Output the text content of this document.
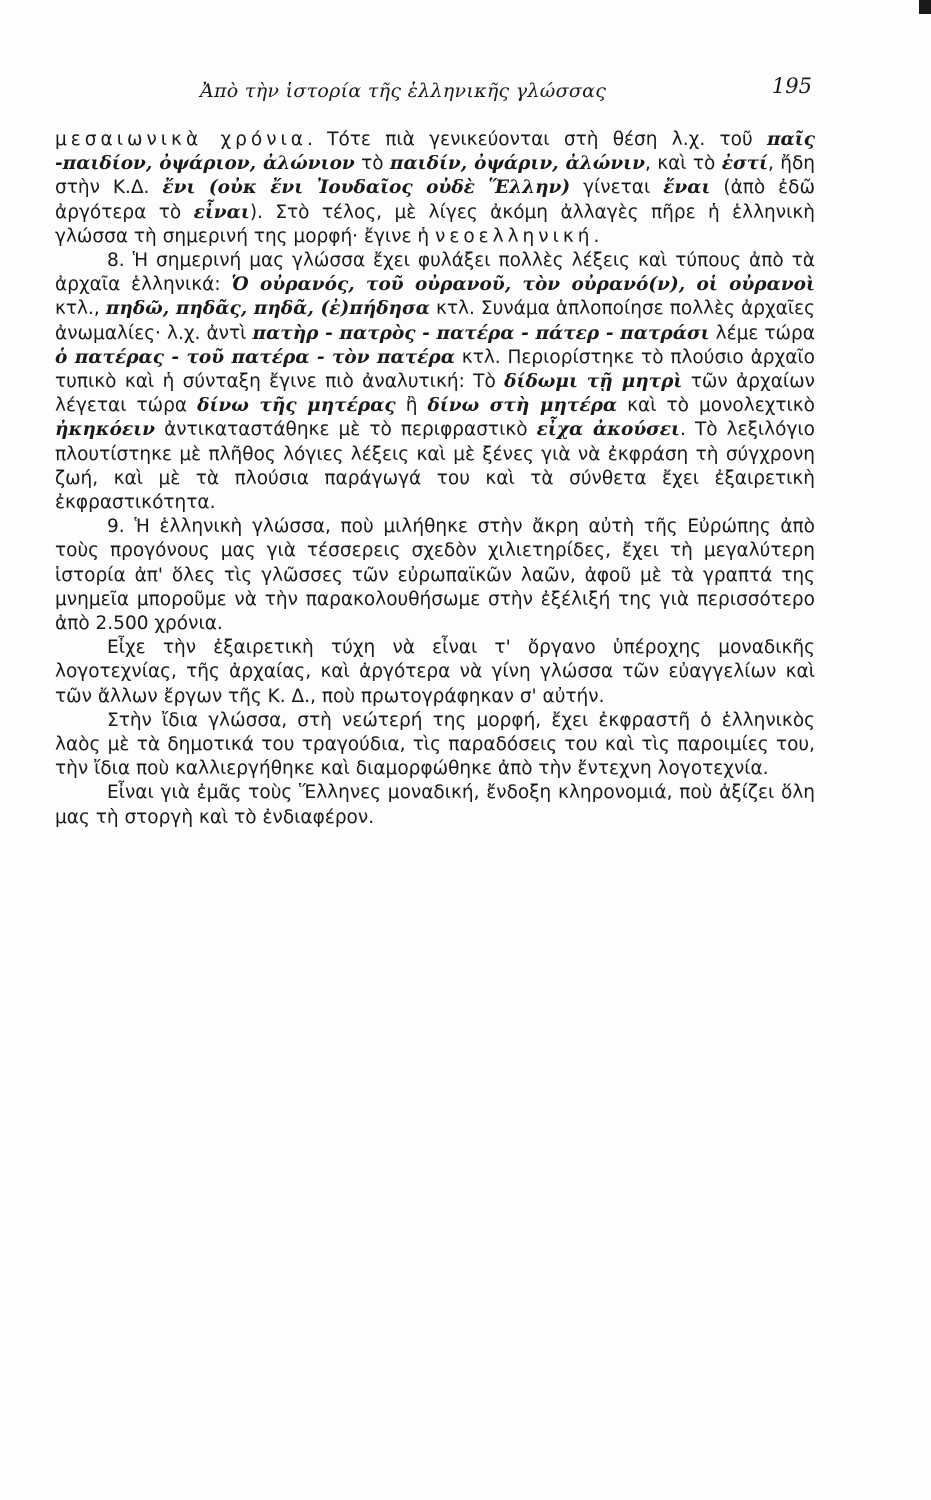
Ἀπὸ τὴν ἱστορία τῆς ἑλληνικῆς γλώσσας	195

μεσαιωνικὰ χρόνια. Τότε πιὰ γενικεύονται στὴ θέση λ.χ. τοῦ παῖς -παιδίον, ὀψάριον, ἀλώνιον τὸ παιδίν, ὀψάριν, ἀλώνιν, καὶ τὸ ἐστί, ἤδη στὴν Κ.Δ. ἔνι (οὐκ ἔνι Ἰουδαῖος οὐδὲ Ἕλλην) γίνεται ἔναι (ἀπὸ ἐδῶ ἀργότερα τὸ εἶναι). Στὸ τέλος, μὲ λίγες ἀκόμη ἀλλαγὲς πῆρε ἡ ἑλληνικὴ γλώσσα τὴ σημερινή της μορφή· ἔγινε ἡ νεοελληνική.

8. Ἡ σημερινή μας γλώσσα ἔχει φυλάξει πολλὲς λέξεις καὶ τύπους ἀπὸ τὰ ἀρχαῖα ἑλληνικά: Ὁ οὐρανός, τοῦ οὐρανοῦ, τὸν οὐρανό(ν), οἱ οὐρανοὶ κτλ., πηδῶ, πηδᾶς, πηδᾶ, (ἐ)πήδησα κτλ. Συνάμα ἁπλοποίησε πολλὲς ἀρχαῖες ἀνωμαλίες· λ.χ. ἀντὶ πατὴρ - πατρὸς - πατέρα - πάτερ - πατράσι λέμε τώρα ὁ πατέρας - τοῦ πατέρα - τὸν πατέρα κτλ. Περιορίστηκε τὸ πλούσιο ἀρχαῖο τυπικὸ καὶ ἡ σύνταξη ἔγινε πιὸ ἀναλυτική: Τὸ δίδωμι τῇ μητρὶ τῶν ἀρχαίων λέγεται τώρα δίνω τῆς μητέρας ἢ δίνω στὴ μητέρα καὶ τὸ μονολεχτικὸ ἠκηκόειν ἀντικαταστάθηκε μὲ τὸ περιφραστικὸ εἶχα ἀκούσει. Τὸ λεξιλόγιο πλουτίστηκε μὲ πλῆθος λόγιες λέξεις καὶ μὲ ξένες γιὰ νὰ ἐκφράση τὴ σύγχρονη ζωή, καὶ μὲ τὰ πλούσια παράγωγά του καὶ τὰ σύνθετα ἔχει ἐξαιρετικὴ ἐκφραστικότητα.

9. Ἡ ἑλληνικὴ γλώσσα, ποὺ μιλήθηκε στὴν ἄκρη αὐτὴ τῆς Εὐρώπης ἀπὸ τοὺς προγόνους μας γιὰ τέσσερεις σχεδὸν χιλιετηρίδες, ἔχει τὴ μεγαλύτερη ἱστορία ἀπ' ὅλες τὶς γλῶσσες τῶν εὐρωπαϊκῶν λαῶν, ἀφοῦ μὲ τὰ γραπτά της μνημεῖα μποροῦμε νὰ τὴν παρακολουθήσωμε στὴν ἐξέλιξή της γιὰ περισσότερο ἀπὸ 2.500 χρόνια.

Εἶχε τὴν ἐξαιρετικὴ τύχη νὰ εἶναι τ' ὄργανο ὑπέροχης μοναδικῆς λογοτεχνίας, τῆς ἀρχαίας, καὶ ἀργότερα νὰ γίνη γλώσσα τῶν εὐαγγελίων καὶ τῶν ἄλλων ἔργων τῆς Κ. Δ., ποὺ πρωτογράφηκαν σ' αὐτήν.

Στὴν ἴδια γλώσσα, στὴ νεώτερή της μορφή, ἔχει ἐκφραστῆ ὁ ἑλληνικὸς λαὸς μὲ τὰ δημοτικά του τραγούδια, τὶς παραδόσεις του καὶ τὶς παροιμίες του, τὴν ἴδια ποὺ καλλιεργήθηκε καὶ διαμορφώθηκε ἀπὸ τὴν ἔντεχνη λογοτεχνία.

Εἶναι γιὰ ἐμᾶς τοὺς Ἕλληνες μοναδική, ἔνδοξη κληρονομιά, ποὺ ἀξίζει ὅλη μας τὴ στοργὴ καὶ τὸ ἐνδιαφέρον.
